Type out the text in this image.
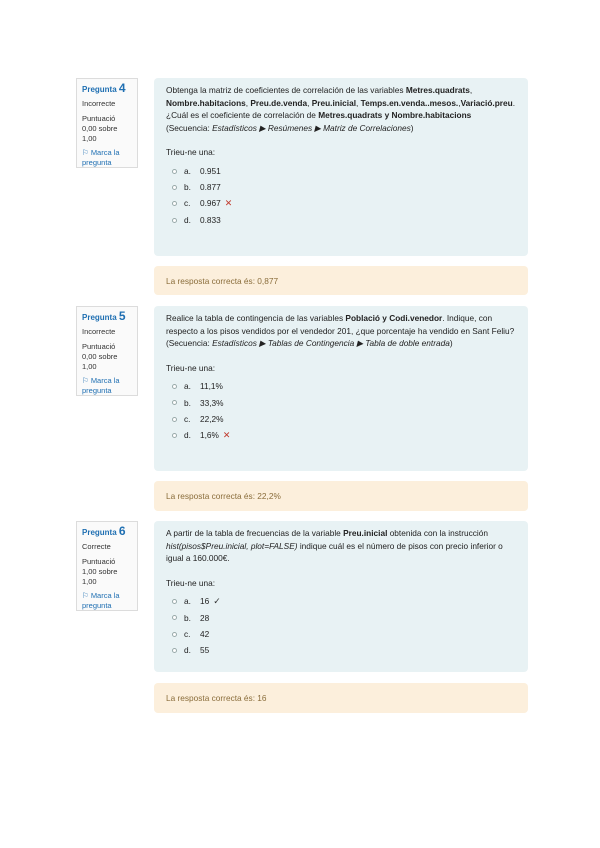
Pregunta 4
Incorrecte
Puntuació 0,00 sobre 1,00
⚐ Marca la pregunta
Obtenga la matriz de coeficientes de correlación de las variables Metres.quadrats, Nombre.habitacions, Preu.de.venda, Preu.inicial, Temps.en.venda..mesos.,Variació.preu. ¿Cuál es el coeficiente de correlación de Metres.quadrats y Nombre.habitacions (Secuencia: Estadísticos ▶ Resúmenes ▶ Matriz de Correlaciones)
Trieu-ne una:
a.	0.951
b.	0.877
c.	0.967 ✕
d.	0.833
La resposta correcta és: 0,877
Pregunta 5
Incorrecte
Puntuació 0,00 sobre 1,00
⚐ Marca la pregunta
Realice la tabla de contingencia de las variables Població y Codi.venedor. Indique, con respecto a los pisos vendidos por el vendedor 201, ¿que porcentaje ha vendido en Sant Feliu?
(Secuencia: Estadísticos ▶ Tablas de Contingencia ▶ Tabla de doble entrada)
Trieu-ne una:
a.	11,1%
b.	33,3%
c.	22,2%
d.	1,6% ✕
La resposta correcta és: 22,2%
Pregunta 6
Correcte
Puntuació 1,00 sobre 1,00
⚐ Marca la pregunta
A partir de la tabla de frecuencias de la variable Preu.inicial obtenida con la instrucción hist(pisos$Preu.inicial, plot=FALSE) indique cuál es el número de pisos con precio inferior o igual a 160.000€.
Trieu-ne una:
a.	16 ✓
b.	28
c.	42
d.	55
La resposta correcta és: 16
